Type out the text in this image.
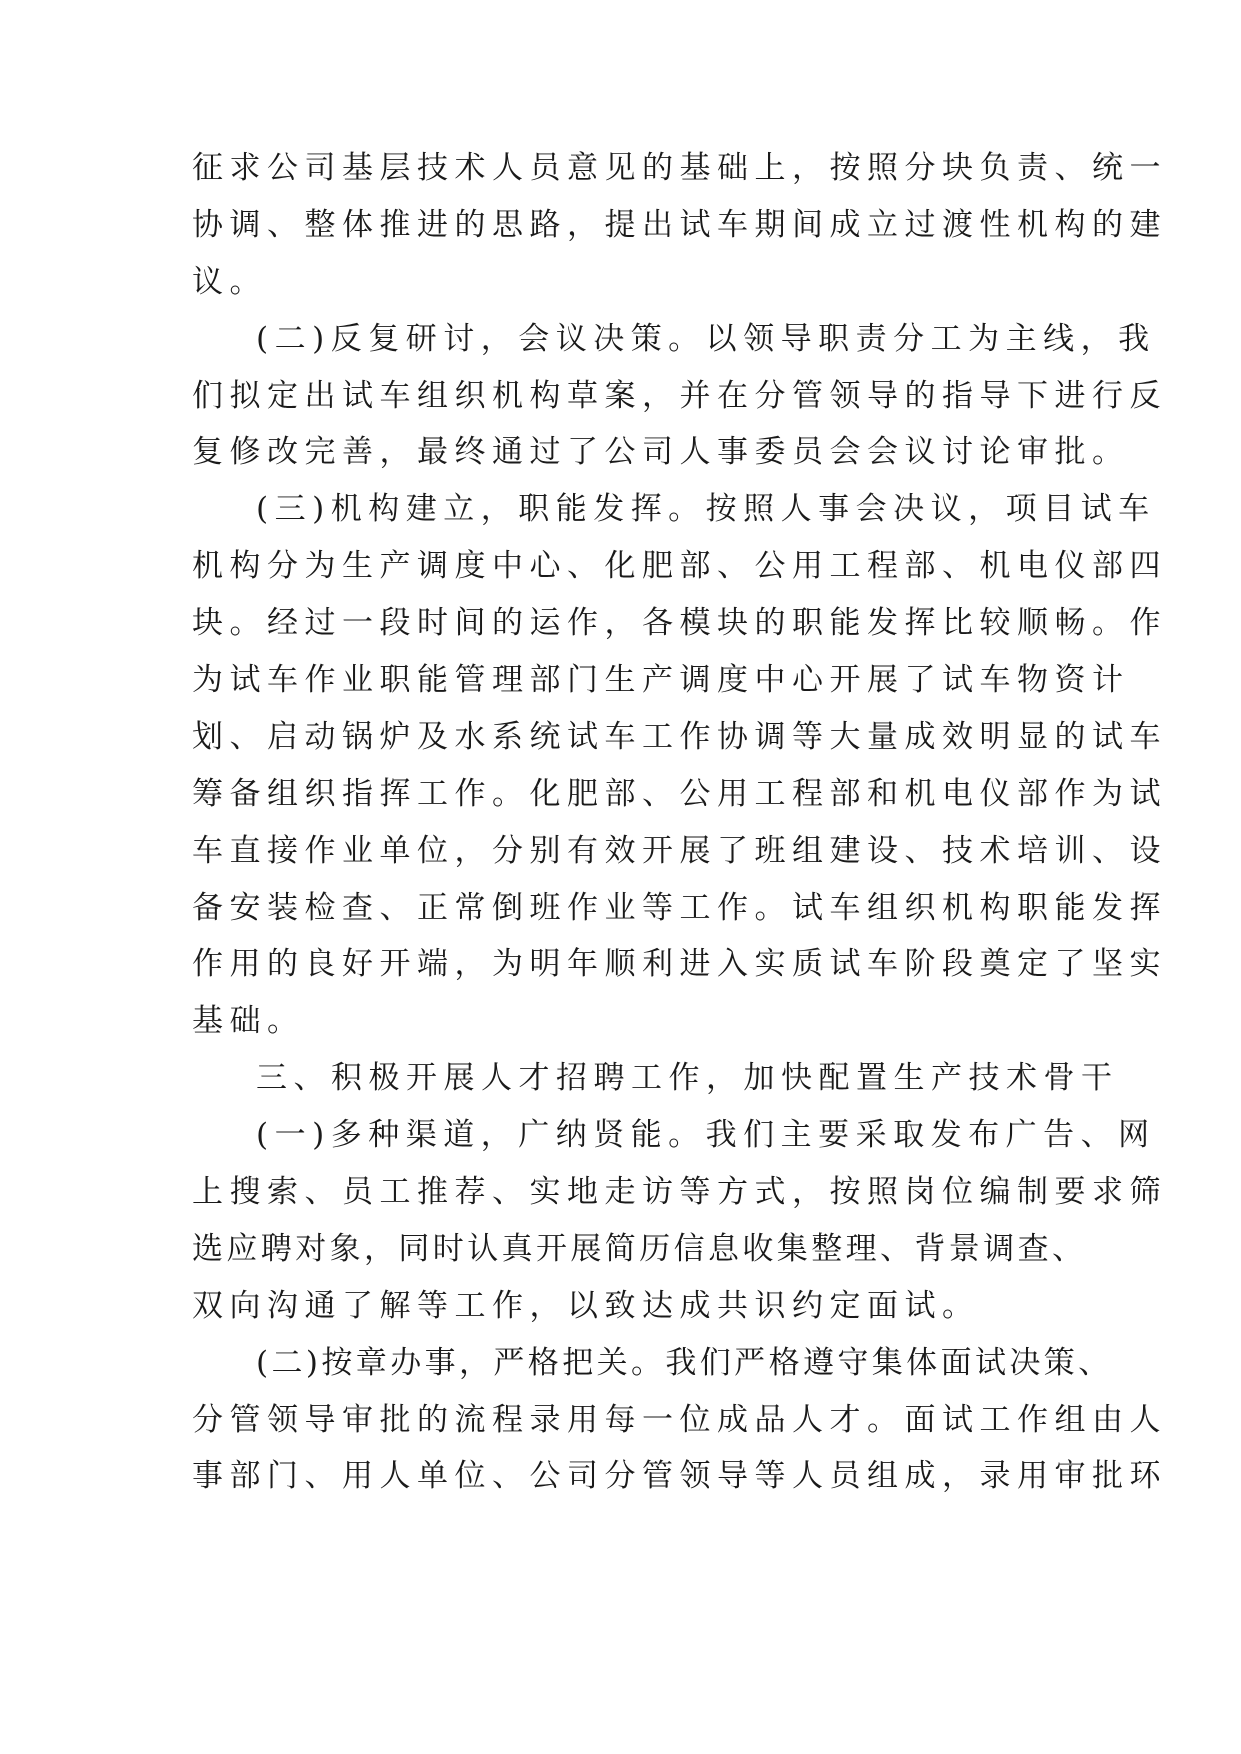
征求公司基层技术人员意见的基础上，按照分块负责、统一
协调、整体推进的思路，提出试车期间成立过渡性机构的建
议。
(二)反复研讨，会议决策。以领导职责分工为主线，我
们拟定出试车组织机构草案，并在分管领导的指导下进行反
复修改完善，最终通过了公司人事委员会会议讨论审批。
(三)机构建立，职能发挥。按照人事会决议，项目试车
机构分为生产调度中心、化肥部、公用工程部、机电仪部四
块。经过一段时间的运作，各模块的职能发挥比较顺畅。作
为试车作业职能管理部门生产调度中心开展了试车物资计
划、启动锅炉及水系统试车工作协调等大量成效明显的试车
筹备组织指挥工作。化肥部、公用工程部和机电仪部作为试
车直接作业单位，分别有效开展了班组建设、技术培训、设
备安装检查、正常倒班作业等工作。试车组织机构职能发挥
作用的良好开端，为明年顺利进入实质试车阶段奠定了坚实
基础。
三、积极开展人才招聘工作，加快配置生产技术骨干
(一)多种渠道，广纳贤能。我们主要采取发布广告、网
上搜索、员工推荐、实地走访等方式，按照岗位编制要求筛
选应聘对象，同时认真开展简历信息收集整理、背景调查、
双向沟通了解等工作，以致达成共识约定面试。
(二)按章办事，严格把关。我们严格遵守集体面试决策、
分管领导审批的流程录用每一位成品人才。面试工作组由人
事部门、用人单位、公司分管领导等人员组成，录用审批环
